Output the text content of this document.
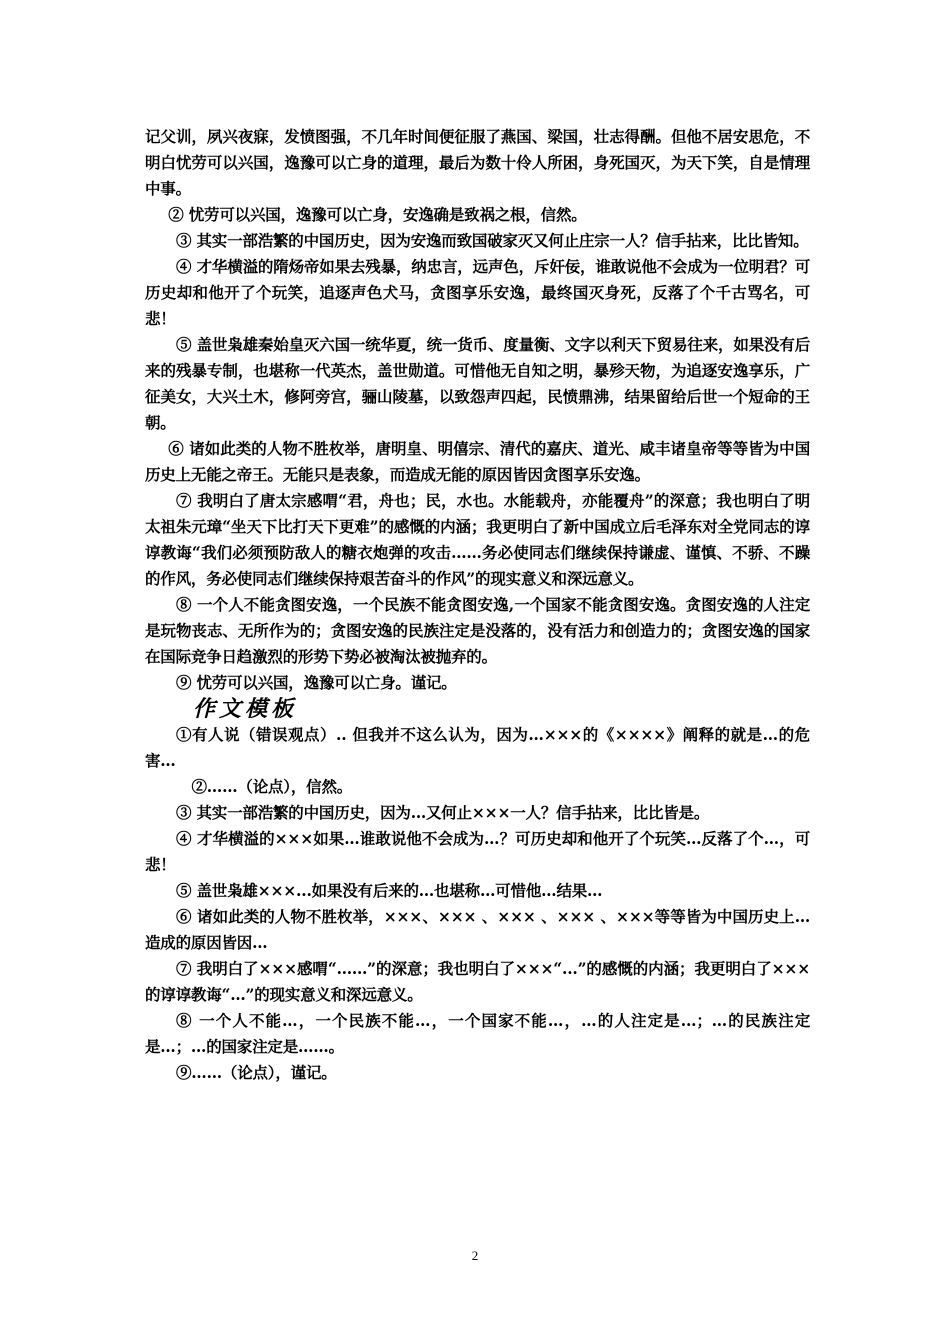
记父训，夙兴夜寐，发愤图强，不几年时间便征服了燕国、梁国，壮志得酬。但他不居安思危，不明白忧劳可以兴国，逸豫可以亡身的道理，最后为数十伶人所困，身死国灭，为天下笑，自是情理中事。

② 忧劳可以兴国，逸豫可以亡身，安逸确是致祸之根，信然。

③ 其实一部浩繁的中国历史，因为安逸而致国破家灭又何止庄宗一人？信手拈来，比比皆知。

④ 才华横溢的隋炀帝如果去残暴，纳忠言，远声色，斥奸佞，谁敢说他不会成为一位明君？可历史却和他开了个玩笑，追逐声色犬马，贪图享乐安逸，最终国灭身死，反落了个千古骂名，可悲！

⑤ 盖世枭雄秦始皇灭六国一统华夏，统一货币、度量衡、文字以利天下贸易往来，如果没有后来的残暴专制，也堪称一代英杰，盖世勋道。可惜他无自知之明，暴殄天物，为追逐安逸享乐，广征美女，大兴土木，修阿旁宫，骊山陵墓，以致怨声四起，民愤鼎沸，结果留给后世一个短命的王朝。

⑥ 诸如此类的人物不胜枚举，唐明皇、明僖宗、清代的嘉庆、道光、咸丰诸皇帝等等皆为中国历史上无能之帝王。无能只是表象，而造成无能的原因皆因贪图享乐安逸。

⑦ 我明白了唐太宗感喟“君，舟也；民，水也。水能载舟，亦能覆舟”的深意；我也明白了明太祖朱元璋“坐天下比打天下更难”的感慨的内涵；我更明白了新中国成立后毛泽东对全党同志的谆谆教诲“我们必须预防敌人的糖衣炮弹的攻击……务必使同志们继续保持谦虚、谨慎、不骄、不躁的作风，务必使同志们继续保持艰苦奋斗的作风”的现实意义和深远意义。

⑧ 一个人不能贪图安逸，一个民族不能贪图安逸,一个国家不能贪图安逸。贪图安逸的人注定是玩物丧志、无所作为的；贪图安逸的民族注定是没落的，没有活力和创造力的；贪图安逸的国家在国际竞争日趋激烈的形势下势必被淘汰被抛弃的。

⑨ 忧劳可以兴国，逸豫可以亡身。谨记。

作文模板

①有人说（错误观点）.. 但我并不这么认为，因为…×××的《××××》阐释的就是…的危害…

②……（论点），信然。

③ 其实一部浩繁的中国历史，因为…又何止×××一人？信手拈来，比比皆是。

④ 才华横溢的×××如果…谁敢说他不会成为…？可历史却和他开了个玩笑…反落了个…，可悲！

⑤ 盖世枭雄×××...如果没有后来的…也堪称…可惜他…结果…

⑥ 诸如此类的人物不胜枚举，×××、××× 、××× 、××× 、×××等等皆为中国历史上…造成的原因皆因…

⑦ 我明白了×××感喟“……”的深意；我也明白了×××“...”的感慨的内涵；我更明白了×××的谆谆教诲“…”的现实意义和深远意义。

⑧ 一个人不能…，一个民族不能…，一个国家不能…，…的人注定是...；…的民族注定是…；…的国家注定是……。

⑨……（论点），谨记。

2
